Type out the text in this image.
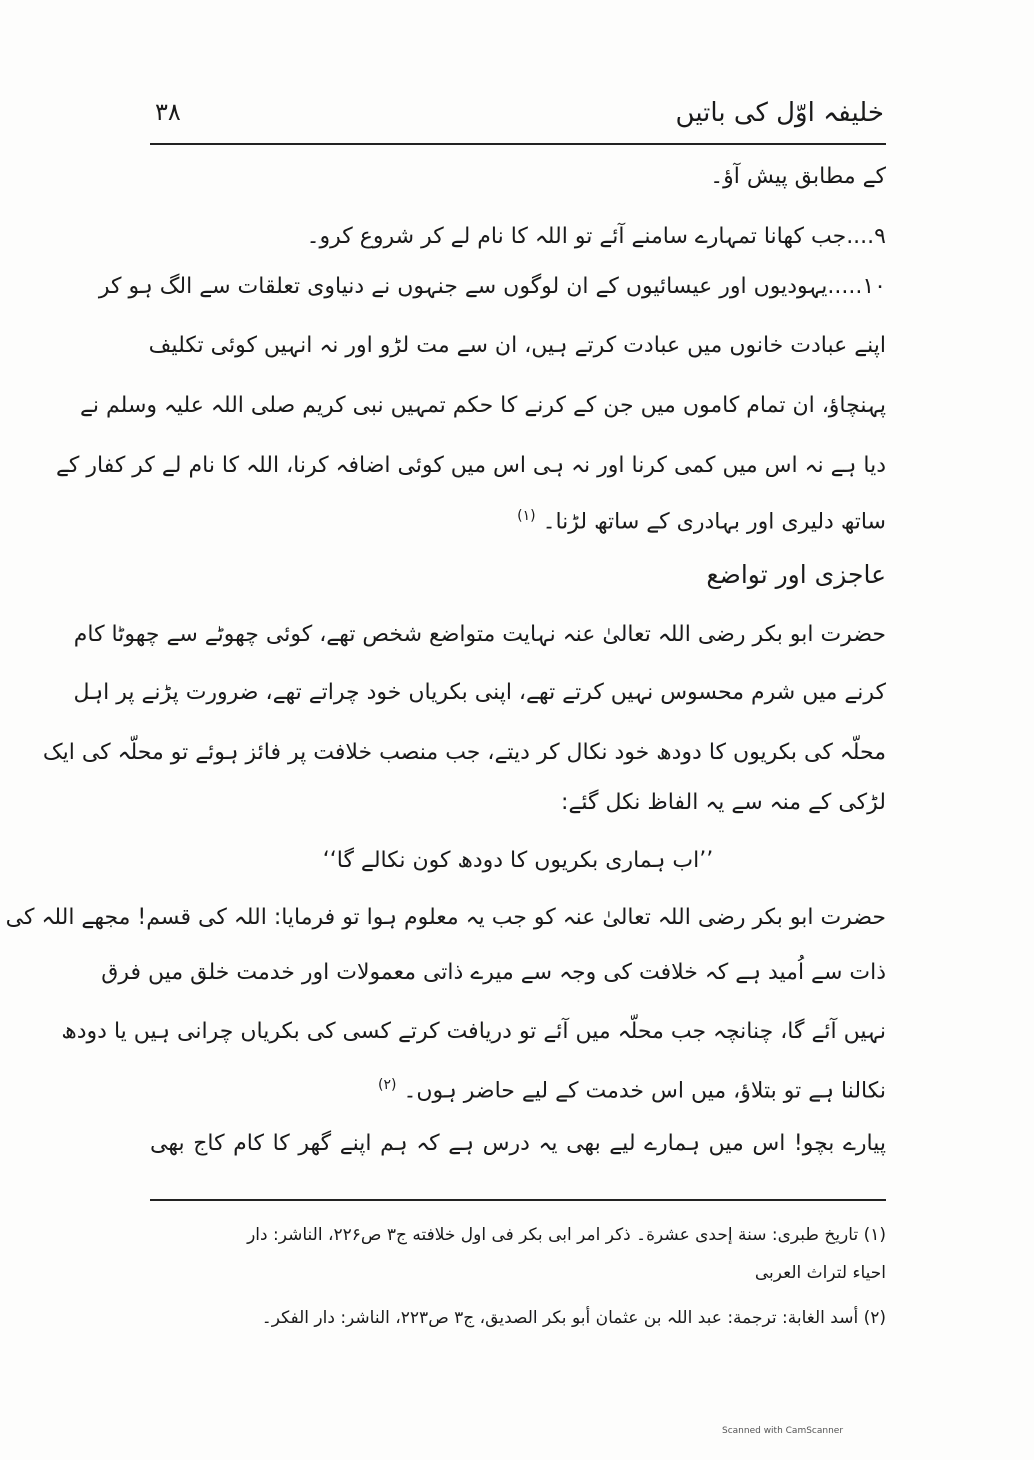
خلیفہ اوّل کی باتیں
۳۸
کے مطابق پیش آؤ۔
۹....جب کھانا تمہارے سامنے آئے تو اللہ کا نام لے کر شروع کرو۔
۱۰.....یہودیوں اور عیسائیوں کے ان لوگوں سے جنہوں نے دنیاوی تعلقات سے الگ ہو کر
اپنے عبادت خانوں میں عبادت کرتے ہیں، ان سے مت لڑو اور نہ انہیں کوئی تکلیف
پہنچاؤ، ان تمام کاموں میں جن کے کرنے کا حکم تمہیں نبی کریم صلی اللہ علیہ وسلم نے
دیا ہے نہ اس میں کمی کرنا اور نہ ہی اس میں کوئی اضافہ کرنا، اللہ کا نام لے کر کفار کے
ساتھ دلیری اور بہادری کے ساتھ لڑنا۔ $^{(۱)}$
عاجزی اور تواضع
حضرت ابو بکر رضی اللہ تعالیٰ عنہ نہایت متواضع شخص تھے، کوئی چھوٹے سے چھوٹا کام
کرنے میں شرم محسوس نہیں کرتے تھے، اپنی بکریاں خود چراتے تھے، ضرورت پڑنے پر اہل
محلّہ کی بکریوں کا دودھ خود نکال کر دیتے، جب منصب خلافت پر فائز ہوئے تو محلّہ کی ایک
لڑکی کے منہ سے یہ الفاظ نکل گئے:
’’اب ہماری بکریوں کا دودھ کون نکالے گا‘‘
حضرت ابو بکر رضی اللہ تعالیٰ عنہ کو جب یہ معلوم ہوا تو فرمایا: اللہ کی قسم! مجھے اللہ کی
ذات سے اُمید ہے کہ خلافت کی وجہ سے میرے ذاتی معمولات اور خدمت خلق میں فرق
نہیں آئے گا، چنانچہ جب محلّہ میں آئے تو دریافت کرتے کسی کی بکریاں چرانی ہیں یا دودھ
نکالنا ہے تو بتلاؤ، میں اس خدمت کے لیے حاضر ہوں۔ $^{(۲)}$
پیارے بچو! اس میں ہمارے لیے بھی یہ درس ہے کہ ہم اپنے گھر کا کام کاج بھی
(۱) تاریخ طبری: سنة إحدی عشرة۔ ذکر امر ابی بکر فی اول خلافته ج۳ ص۲۲۶، الناشر: دار
احیاء لتراث العربی
(۲) أسد الغابة: ترجمة: عبد اللہ بن عثمان أبو بکر الصدیق، ج۳ ص۲۲۳، الناشر: دار الفکر۔
Scanned with CamScanner
